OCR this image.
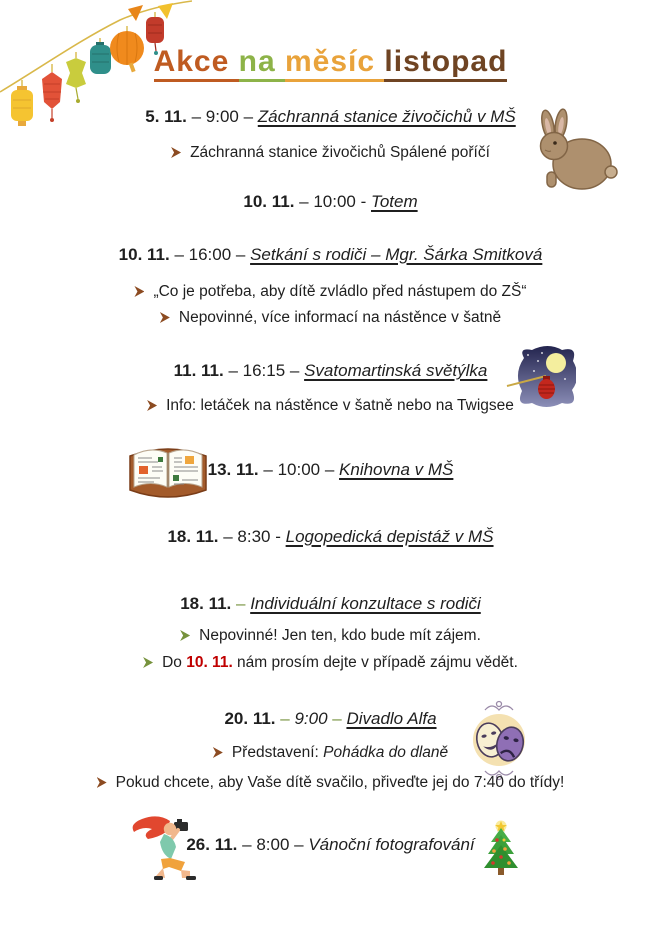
Akce na měsíc listopad
5. 11. – 9:00 – Záchranná stanice živočichů v MŠ
Záchranná stanice živočichů Spálené poříčí
10. 11. – 10:00 - Totem
10. 11. – 16:00 – Setkání s rodiči – Mgr. Šárka Smitková
„Co je potřeba, aby dítě zvládlo před nástupem do ZŠ“
Nepovinné, více informací na nástěnce v šatně
11. 11. – 16:15 – Svatomartinská světýlka
Info: letáček na nástěnce v šatně nebo na Twigsee
13. 11. – 10:00 – Knihovna v MŠ
18. 11. – 8:30 - Logopedická depistáž v MŠ
18. 11. – Individuální konzultace s rodiči
Nepovinné! Jen ten, kdo bude mít zájem.
Do 10. 11. nám prosím dejte v případě zájmu vědět.
20. 11. – 9:00 – Divadlo Alfa
Představení: Pohádka do dlaně
Pokud chcete, aby Vaše dítě svačilo, přiveďte jej do 7:40 do třídy!
26. 11. – 8:00 – Vánoční fotografování
